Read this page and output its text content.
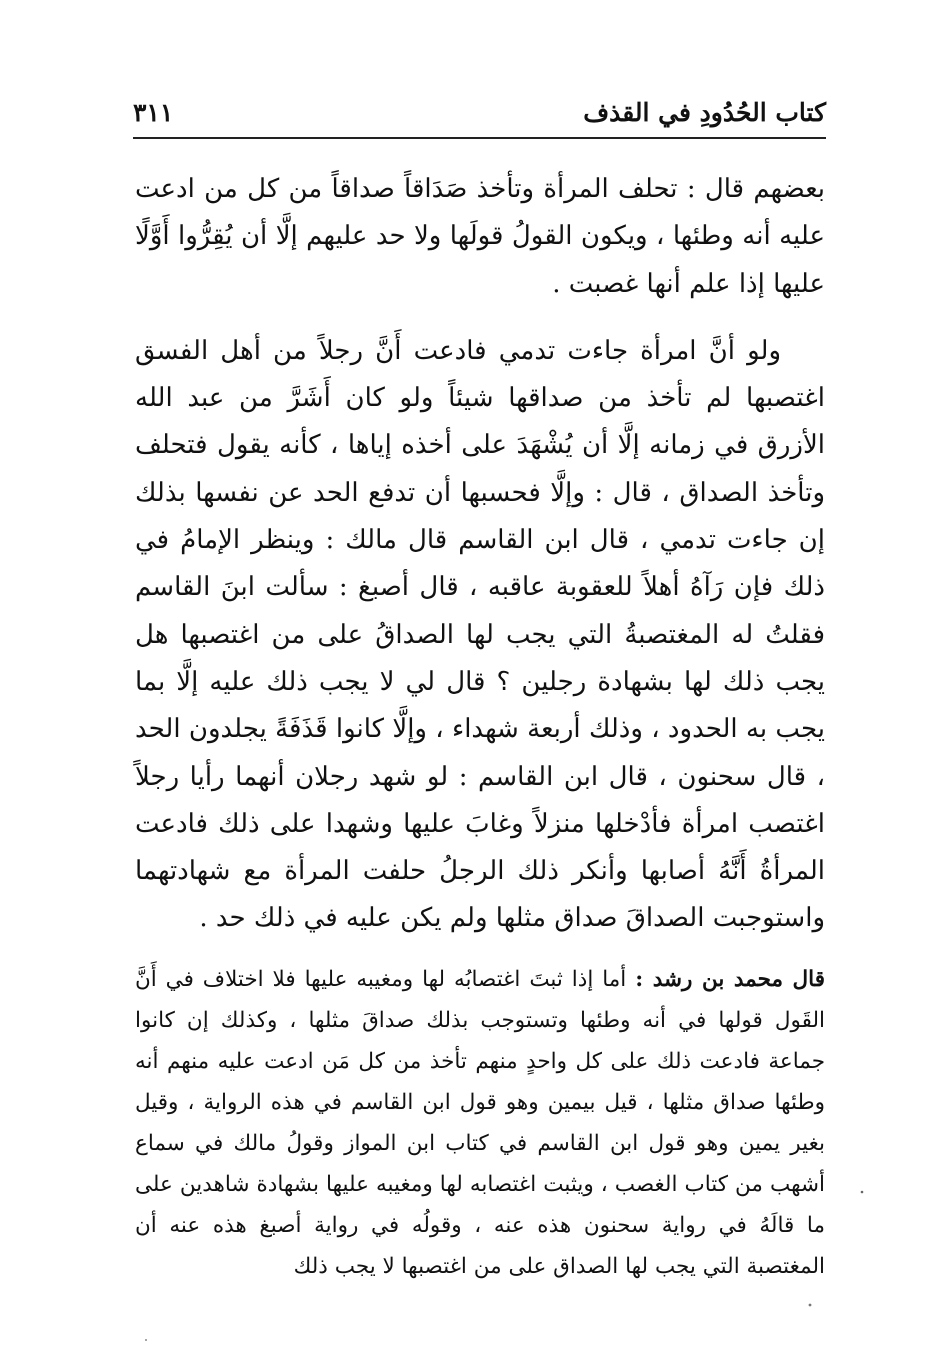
كتاب الحُدُودِ في القذف
٣١١

بعضهم قال : تحلف المرأة وتأخذ صَدَاقاً صداقاً من كل من ادعت عليه أنه وطئها ، ويكون القولُ قولَها ولا حد عليهم إلَّا أن يُقِرُّوا أَوَّلًا عليها إذا علم أنها غصبت .

ولو أنَّ امرأة جاءت تدمي فادعت أَنَّ رجلاً من أهل الفسق اغتصبها لم تأخذ من صداقها شيئاً ولو كان أَشَرَّ من عبد الله الأزرق في زمانه إلَّا أن يُشْهَدَ على أخذه إياها ، كأنه يقول فتحلف وتأخذ الصداق ، قال : وإلَّا فحسبها أن تدفع الحد عن نفسها بذلك إن جاءت تدمي ، قال ابن القاسم قال مالك : وينظر الإمامُ في ذلك فإن رَآهُ أهلاً للعقوبة عاقبه ، قال أصبغ : سألت ابنَ القاسم فقلتُ له المغتصبةُ التي يجب لها الصداقُ على من اغتصبها هل يجب ذلك لها بشهادة رجلين ؟ قال لي لا يجب ذلك عليه إلَّا بما يجب به الحدود ، وذلك أربعة شهداء ، وإلَّا كانوا قَذَفَةً يجلدون الحد ، قال سحنون ، قال ابن القاسم : لو شهد رجلان أنهما رأيا رجلاً اغتصب امرأة فأدْخلها منزلاً وغابَ عليها وشهدا على ذلك فادعت المرأةُ أَنَّهُ أصابها وأنكر ذلك الرجلُ حلفت المرأة مع شهادتهما واستوجبت الصداقَ صداق مثلها ولم يكن عليه في ذلك حد .

قال محمد بن رشد : أما إذا ثبتَ اغتصابُه لها ومغيبه عليها فلا اختلاف في أَنَّ القَول قولها في أنه وطئها وتستوجب بذلك صداقَ مثلها ، وكذلك إن كانوا جماعة فادعت ذلك على كل واحدٍ منهم تأخذ من كل مَن ادعت عليه منهم أنه وطئها صداق مثلها ، قيل بيمين وهو قول ابن القاسم في هذه الرواية ، وقيل بغير يمين وهو قول ابن القاسم في كتاب ابن المواز وقولُ مالك في سماع أشهب من كتاب الغصب ، ويثبت اغتصابه لها ومغيبه عليها بشهادة شاهدين على ما قالَهُ في رواية سحنون هذه عنه ، وقولُه في رواية أصبغ هذه عنه أن المغتصبة التي يجب لها الصداق على من اغتصبها لا يجب ذلك
